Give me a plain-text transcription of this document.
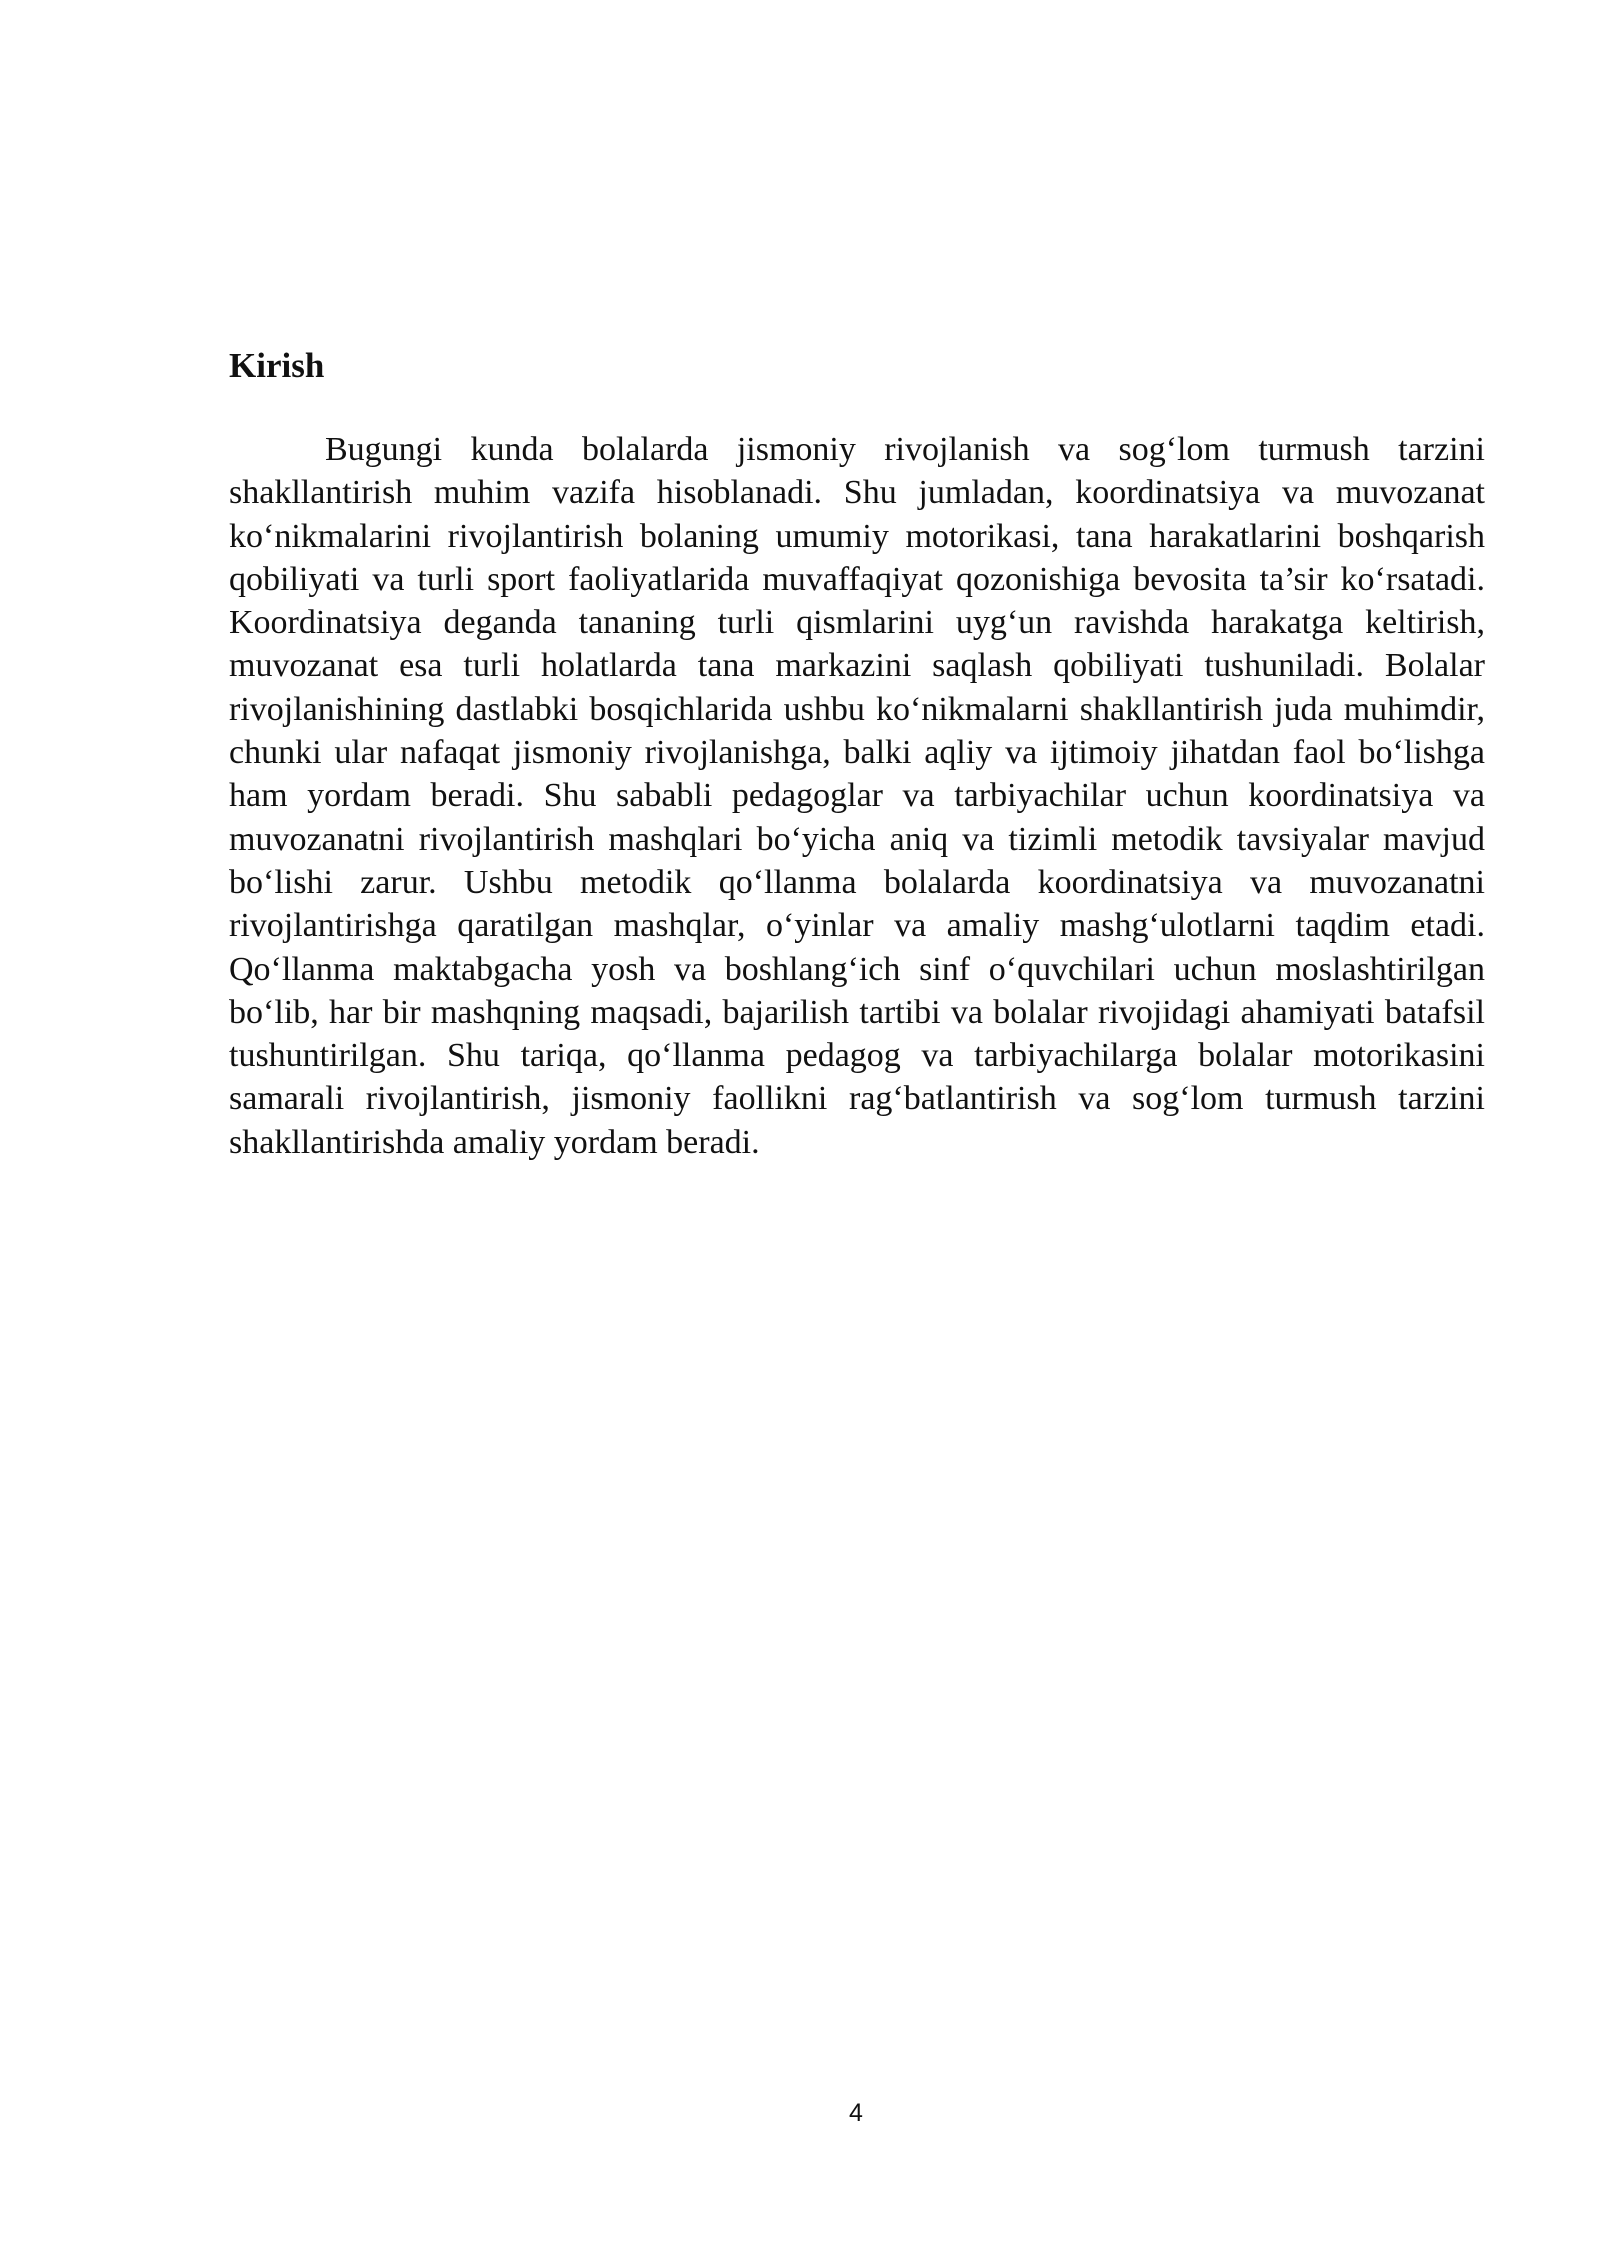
Kirish

Bugungi kunda bolalarda jismoniy rivojlanish va sog‘lom turmush tarzini shakllantirish muhim vazifa hisoblanadi. Shu jumladan, koordinatsiya va muvozanat ko‘nikmalarini rivojlantirish bolaning umumiy motorikasi, tana harakatlarini boshqarish qobiliyati va turli sport faoliyatlarida muvaffaqiyat qozonishiga bevosita ta’sir ko‘rsatadi. Koordinatsiya deganda tananing turli qismlarini uyg‘un ravishda harakatga keltirish, muvozanat esa turli holatlarda tana markazini saqlash qobiliyati tushuniladi. Bolalar rivojlanishining dastlabki bosqichlarida ushbu ko‘nikmalarni shakllantirish juda muhimdir, chunki ular nafaqat jismoniy rivojlanishga, balki aqliy va ijtimoiy jihatdan faol bo‘lishga ham yordam beradi. Shu sababli pedagoglar va tarbiyachilar uchun koordinatsiya va muvozanatni rivojlantirish mashqlari bo‘yicha aniq va tizimli metodik tavsiyalar mavjud bo‘lishi zarur. Ushbu metodik qo‘llanma bolalarda koordinatsiya va muvozanatni rivojlantirishga qaratilgan mashqlar, o‘yinlar va amaliy mashg‘ulotlarni taqdim etadi. Qo‘llanma maktabgacha yosh va boshlang‘ich sinf o‘quvchilari uchun moslashtirilgan bo‘lib, har bir mashqning maqsadi, bajarilish tartibi va bolalar rivojidagi ahamiyati batafsil tushuntirilgan. Shu tariqa, qo‘llanma pedagog va tarbiyachilarga bolalar motorikasini samarali rivojlantirish, jismoniy faollikni rag‘batlantirish va sog‘lom turmush tarzini shakllantirishda amaliy yordam beradi.

4
